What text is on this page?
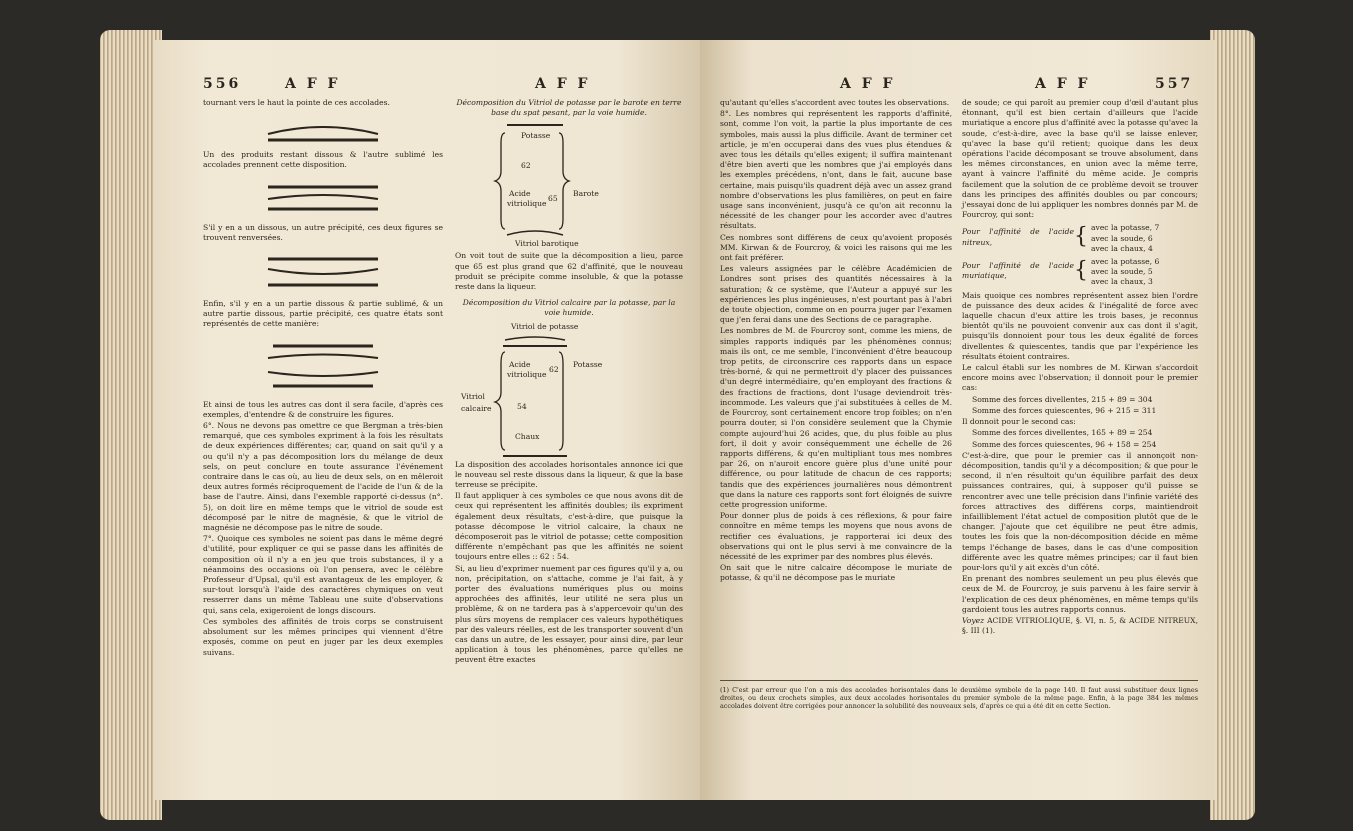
556	A F F	A F F

tournant vers le haut la pointe de ces accolades.

Un des produits restant dissous & l'autre sublimé les accolades prennent cette disposition.

S'il y en a un dissous, un autre précipité, ces deux figures se trouvent renversées.

Enfin, s'il y en a un partie dissous & partie sublimé, & un autre partie dissous, partie précipité, ces quatre états sont représentés de cette manière:

Et ainsi de tous les autres cas dont il sera facile, d'après ces exemples, d'entendre & de construire les figures.

6°. Nous ne devons pas omettre ce que Bergman a très-bien remarqué, que ces symboles expriment à la fois les résultats de deux expériences différentes; car, quand on sait qu'il y a ou qu'il n'y a pas décomposition lors du mélange de deux sels, on peut conclure en toute assurance l'événement contraire dans le cas où, au lieu de deux sels, on en mêleroit deux autres formés réciproquement de l'acide de l'un & de la base de l'autre. Ainsi, dans l'exemble rapporté ci-dessus (n°. 5), on doit lire en même temps que le vitriol de soude est décomposé par le nitre de magnésie, & que le vitriol de magnésie ne décompose pas le nitre de soude.

7°. Quoique ces symboles ne soient pas dans le même degré d'utilité, pour expliquer ce qui se passe dans les affinités de composition où il n'y a en jeu que trois substances, il y a néanmoins des occasions où l'on pensera, avec le célèbre Professeur d'Upsal, qu'il est avantageux de les employer, & sur-tout lorsqu'à l'aide des caractères chymiques on veut resserrer dans un même Tableau une suite d'observations qui, sans cela, exigeroient de longs discours.

Ces symboles des affinités de trois corps se construisent absolument sur les mêmes principes qui viennent d'être exposés, comme on peut en juger par les deux exemples suivans.

Décomposition du Vitriol de potasse par le barote en terre base du spat pesant, par la voie humide.

Potasse
62
Acide
vitriolique
65
Barote
Vitriol barotique

On voit tout de suite que la décomposition a lieu, parce que 65 est plus grand que 62 d'affinité, que le nouveau produit se précipite comme insoluble, & que la potasse reste dans la liqueur.

Décomposition du Vitriol calcaire par la potasse, par la voie humide.

Vitriol de potasse
Acide
vitriolique
62
Potasse
Vitriol
calcaire	54
Chaux

La disposition des accolades horisontales annonce ici que le nouveau sel reste dissous dans la liqueur, & que la base terreuse se précipite.

Il faut appliquer à ces symboles ce que nous avons dit de ceux qui représentent les affinités doubles; ils expriment également deux résultats, c'est-à-dire, que puisque la potasse décompose le vitriol calcaire, la chaux ne décomposeroit pas le vitriol de potasse; cette composition différente n'empêchant pas que les affinités ne soient toujours entre elles :: 62 : 54.

Si, au lieu d'exprimer nuement par ces figures qu'il y a, ou non, précipitation, on s'attache, comme je l'ai fait, à y porter des évaluations numériques plus ou moins approchées des affinités, leur utilité ne sera plus un problème, & on ne tardera pas à s'appercevoir qu'un des plus sûrs moyens de remplacer ces valeurs hypothétiques par des valeurs réelles, est de les transporter souvent d'un cas dans un autre, de les essayer, pour ainsi dire, par leur application à tous les phénomènes, parce qu'elles ne peuvent être exactes

A F F	A F F	557

qu'autant qu'elles s'accordent avec toutes les observations.

8°. Les nombres qui représentent les rapports d'affinité, sont, comme l'on voit, la partie la plus importante de ces symboles, mais aussi la plus difficile. Avant de terminer cet article, je m'en occuperai dans des vues plus étendues & avec tous les détails qu'elles exigent; il suffira maintenant d'être bien averti que les nombres que j'ai employés dans les exemples précédens, n'ont, dans le fait, aucune base certaine, mais puisqu'ils quadrent déjà avec un assez grand nombre d'observations les plus familières, on peut en faire usage sans inconvénient, jusqu'à ce qu'on ait reconnu la nécessité de les changer pour les accorder avec d'autres résultats.

Ces nombres sont différens de ceux qu'avoient proposés MM. Kirwan & de Fourcroy, & voici les raisons qui me les ont fait préférer.

Les valeurs assignées par le célèbre Académicien de Londres sont prises des quantités nécessaires à la saturation; & ce système, que l'Auteur a appuyé sur les expériences les plus ingénieuses, n'est pourtant pas à l'abri de toute objection, comme on en pourra juger par l'examen que j'en ferai dans une des Sections de ce paragraphe.

Les nombres de M. de Fourcroy sont, comme les miens, de simples rapports indiqués par les phénomènes connus; mais ils ont, ce me semble, l'inconvénient d'être beaucoup trop petits, de circonscrire ces rapports dans un espace très-borné, & qui ne permettroit d'y placer des puissances d'un degré intermédiaire, qu'en employant des fractions & des fractions de fractions, dont l'usage deviendroit très-incommode. Les valeurs que j'ai substituées à celles de M. de Fourcroy, sont certainement encore trop foibles; on n'en pourra douter, si l'on considère seulement que la Chymie compte aujourd'hui 26 acides, que, du plus foible au plus fort, il doit y avoir conséquemment une échelle de 26 rapports différens, & qu'en multipliant tous mes nombres par 26, on n'auroit encore guère plus d'une unité pour différence, ou pour latitude de chacun de ces rapports; tandis que des expériences journalières nous démontrent que dans la nature ces rapports sont fort éloignés de suivre cette progression uniforme.

Pour donner plus de poids à ces réflexions, & pour faire connoître en même temps les moyens que nous avons de rectifier ces évaluations, je rapporterai ici deux des observations qui ont le plus servi à me convaincre de la nécessité de les exprimer par des nombres plus élevés.

On sait que le nitre calcaire décompose le muriate de potasse, & qu'il ne décompose pas le muriate

de soude; ce qui paroît au premier coup d'œil d'autant plus étonnant, qu'il est bien certain d'ailleurs que l'acide muriatique a encore plus d'affinité avec la potasse qu'avec la soude, c'est-à-dire, avec la base qu'il se laisse enlever, qu'avec la base qu'il retient; quoique dans les deux opérations l'acide décomposant se trouve absolument, dans les mêmes circonstances, en union avec la même terre, ayant à vaincre l'affinité du même acide. Je compris facilement que la solution de ce problème devoit se trouver dans les principes des affinités doubles ou par concours; j'essayai donc de lui appliquer les nombres donnés par M. de Fourcroy, qui sont:

Pour l'affinité de l'acide nitreux,	{ avec la potasse, 7
avec la soude, 6
avec la chaux, 4
Pour l'affinité de l'acide muriatique,	{ avec la potasse, 6
avec la soude, 5
avec la chaux, 3

Mais quoique ces nombres représentent assez bien l'ordre de puissance des deux acides & l'inégalité de force avec laquelle chacun d'eux attire les trois bases, je reconnus bientôt qu'ils ne pouvoient convenir aux cas dont il s'agit, puisqu'ils donnoient pour tous les deux égalité de forces divellentes & quiescentes, tandis que par l'expérience les résultats étoient contraires.

Le calcul établi sur les nombres de M. Kirwan s'accordoit encore moins avec l'observation; il donnoit pour le premier cas:

Somme des forces divellentes, 215 + 89 = 304

Somme des forces quiescentes, 96 + 215 = 311

Il donnoit pour le second cas:

Somme des forces divellentes, 165 + 89 = 254

Somme des forces quiescentes, 96 + 158 = 254

C'est-à-dire, que pour le premier cas il annonçoit non-décomposition, tandis qu'il y a décomposition; & que pour le second, il n'en résultoit qu'un équilibre parfait des deux puissances contraires, qui, à supposer qu'il puisse se rencontrer avec une telle précision dans l'infinie variété des forces attractives des différens corps, maintiendroit infailliblement l'état actuel de composition plutôt que de le changer. J'ajoute que cet équilibre ne peut être admis, toutes les fois que la non-décomposition décide en même temps l'échange de bases, dans le cas d'une composition différente avec les quatre mêmes principes; car il faut bien pour-lors qu'il y ait excès d'un côté.

En prenant des nombres seulement un peu plus élevés que ceux de M. de Fourcroy, je suis parvenu à les faire servir à l'explication de ces deux phénomènes, en même temps qu'ils gardoient tous les autres rapports connus.

Voyez ACIDE VITRIOLIQUE, §. VI, n. 5, & ACIDE NITREUX, §. III (1).

(1) C'est par erreur que l'on a mis des accolades horisontales dans le deuxième symbole de la page 140. Il faut aussi substituer deux lignes droites, ou deux crochets simples, aux deux accolades horisontales du premier symbole de la même page. Enfin, à la page 384 les mêmes accolades doivent être corrigées pour annoncer la solubilité des nouveaux sels, d'après ce qui a été dit en cette Section.
